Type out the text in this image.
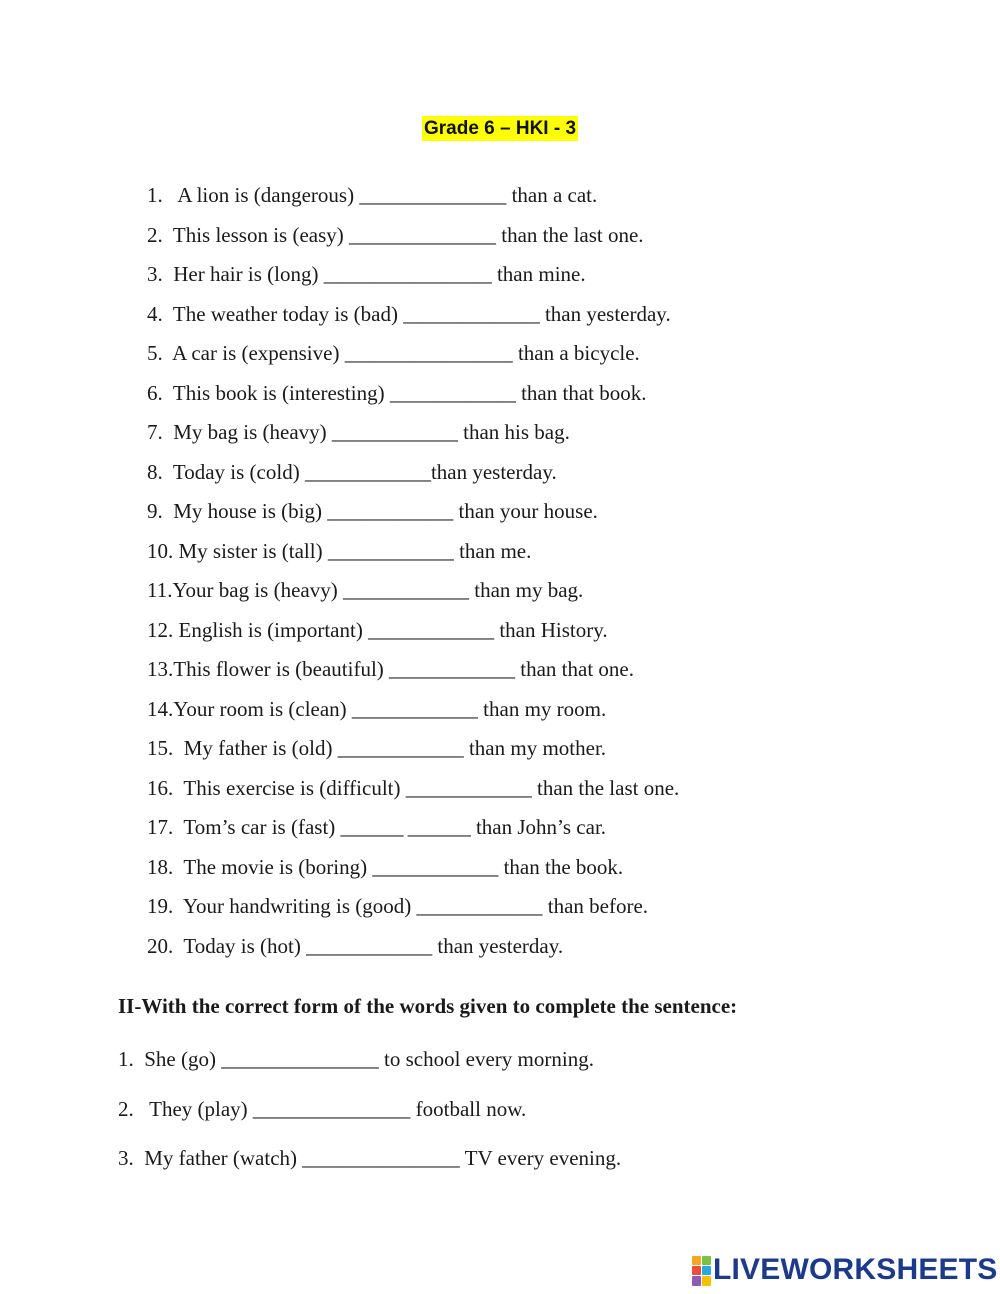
Grade 6 – HKI - 3
1.   A lion is (dangerous) ______________ than a cat.
2.  This lesson is (easy) ______________ than the last one.
3.  Her hair is (long) ________________ than mine.
4.  The weather today is (bad) _____________ than yesterday.
5.  A car is (expensive) ________________ than a bicycle.
6.  This book is (interesting) ____________ than that book.
7.  My bag is (heavy) ____________ than his bag.
8.  Today is (cold) ____________than yesterday.
9.  My house is (big) ____________ than your house.
10. My sister is (tall) ____________ than me.
11.Your bag is (heavy) ____________ than my bag.
12. English is (important) ____________ than History.
13.This flower is (beautiful) ____________ than that one.
14.Your room is (clean) ____________ than my room.
15.  My father is (old) ____________ than my mother.
16.  This exercise is (difficult) ____________ than the last one.
17.  Tom’s car is (fast) ______ ______ than John’s car.
18.  The movie is (boring) ____________ than the book.
19.  Your handwriting is (good) ____________ than before.
20.  Today is (hot) ____________ than yesterday.
II-With the correct form of the words given to complete the sentence:
1.  She (go) _______________ to school every morning.
2.   They (play) _______________ football now.
3.  My father (watch) _______________ TV every evening.
LIVEWORKSHEETS
